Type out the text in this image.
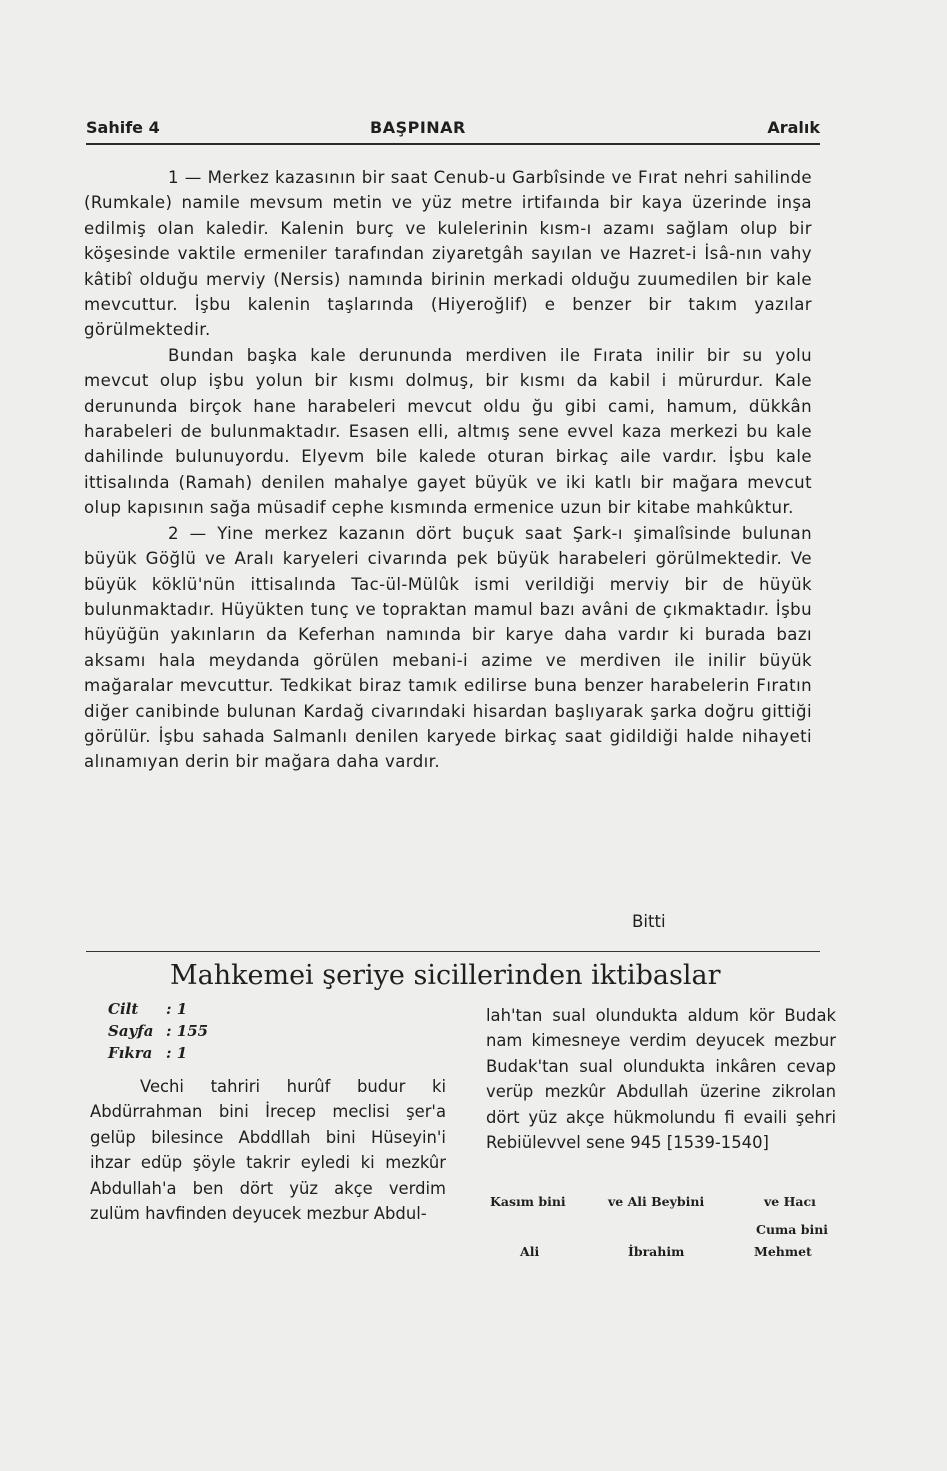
Sahife 4	BAŞPINAR	Aralık

1 — Merkez kazasının bir saat Cenub-u Garbîsinde ve Fırat nehri sahilinde (Rumkale) namile mevsum metin ve yüz metre irtifaında bir kaya üzerinde inşa edilmiş olan kaledir. Kalenin burç ve kulelerinin kısm-ı azamı sağlam olup bir köşesinde vaktile ermeniler tarafından ziyaretgâh sayılan ve Hazret-i İsâ-nın vahy kâtibî olduğu merviy (Nersis) namında birinin merkadi olduğu zuumedilen bir kale mevcuttur. İşbu kalenin taşlarında (Hiyeroğlif) e benzer bir takım yazılar görülmektedir.

Bundan başka kale derununda merdiven ile Fırata inilir bir su yolu mevcut olup işbu yolun bir kısmı dolmuş, bir kısmı da kabil i mürurdur. Kale derununda birçok hane harabeleri mevcut oldu ğu gibi cami, hamum, dükkân harabeleri de bulunmaktadır. Esasen elli, altmış sene evvel kaza merkezi bu kale dahilinde bulunuyordu. Elyevm bile kalede oturan birkaç aile vardır. İşbu kale ittisalında (Ramah) denilen mahalye gayet büyük ve iki katlı bir mağara mevcut olup kapısının sağa müsadif cephe kısmında ermenice uzun bir kitabe mahkûktur.

2 — Yine merkez kazanın dört buçuk saat Şark-ı şimalîsinde bulunan büyük Göğlü ve Aralı karyeleri civarında pek büyük harabeleri görülmektedir. Ve büyük köklü'nün ittisalında Tac-ül-Mülûk ismi verildiği merviy bir de hüyük bulunmaktadır. Hüyükten tunç ve topraktan mamul bazı avâni de çıkmaktadır. İşbu hüyüğün yakınların da Keferhan namında bir karye daha vardır ki burada bazı aksamı hala meydanda görülen mebani-i azime ve merdiven ile inilir büyük mağaralar mevcuttur. Tedkikat biraz tamık edilirse buna benzer harabelerin Fıratın diğer canibinde bulunan Kardağ civarındaki hisardan başlıyarak şarka doğru gittiği görülür. İşbu sahada Salmanlı denilen karyede birkaç saat gidildiği halde nihayeti alınamıyan derin bir mağara daha vardır.

Bitti
Mahkemei şeriye sicillerinden iktibaslar
Cilt : 1
Sayfa : 155
Fıkra : 1

Vechi tahriri hurûf budur ki Abdürrahman bini İrecep meclisi şer'a gelüp bilesince Abddllah bini Hüseyin'i ihzar edüp şöyle takrir eyledi ki mezkûr Abdullah'a ben dört yüz akçe verdim zulüm havfinden deyucek mezbur Abdul-

lah'tan sual olundukta aldum kör Budak nam kimesneye verdim deyucek mezbur Budak'tan sual olundukta inkâren cevap verüp mezkûr Abdullah üzerine zikrolan dört yüz akçe hükmolundu fi evaili şehri Rebiülevvel sene 945 [1539-1540]

Kasım bini	ve Ali Beybini	ve Hacı
Cuma bini
Ali	İbrahim	Mehmet
